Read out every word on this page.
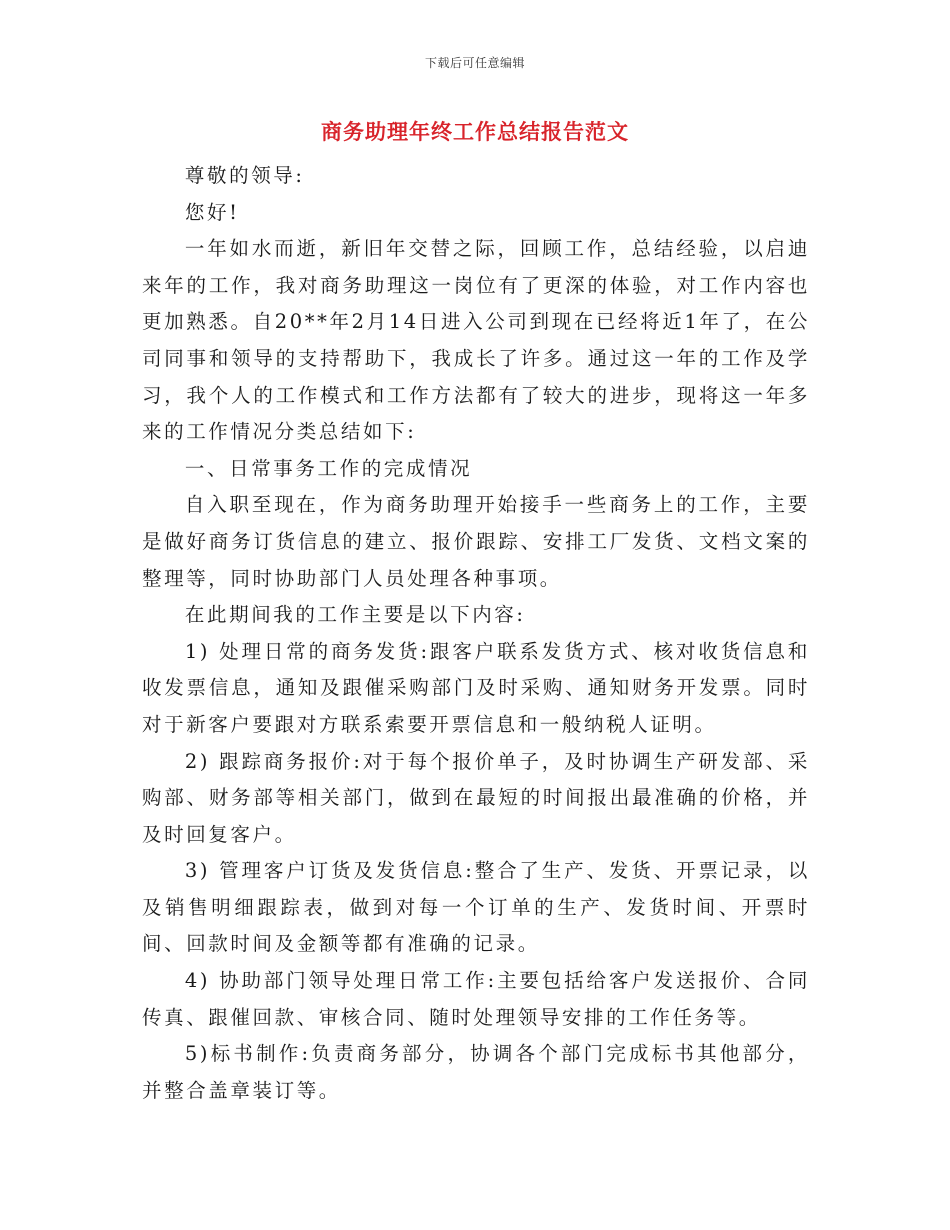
下载后可任意编辑
商务助理年终工作总结报告范文

尊敬的领导:

您好!

一年如水而逝，新旧年交替之际，回顾工作，总结经验，以启迪来年的工作，我对商务助理这一岗位有了更深的体验，对工作内容也更加熟悉。自20**年2月14日进入公司到现在已经将近1年了，在公司同事和领导的支持帮助下，我成长了许多。通过这一年的工作及学习，我个人的工作模式和工作方法都有了较大的进步，现将这一年多来的工作情况分类总结如下:

一、日常事务工作的完成情况

自入职至现在，作为商务助理开始接手一些商务上的工作，主要是做好商务订货信息的建立、报价跟踪、安排工厂发货、文档文案的整理等，同时协助部门人员处理各种事项。

在此期间我的工作主要是以下内容:

1) 处理日常的商务发货:跟客户联系发货方式、核对收货信息和收发票信息，通知及跟催采购部门及时采购、通知财务开发票。同时对于新客户要跟对方联系索要开票信息和一般纳税人证明。

2) 跟踪商务报价:对于每个报价单子，及时协调生产研发部、采购部、财务部等相关部门，做到在最短的时间报出最准确的价格，并及时回复客户。

3) 管理客户订货及发货信息:整合了生产、发货、开票记录，以及销售明细跟踪表，做到对每一个订单的生产、发货时间、开票时间、回款时间及金额等都有准确的记录。

4) 协助部门领导处理日常工作:主要包括给客户发送报价、合同传真、跟催回款、审核合同、随时处理领导安排的工作任务等。

5)标书制作:负责商务部分，协调各个部门完成标书其他部分，并整合盖章装订等。
